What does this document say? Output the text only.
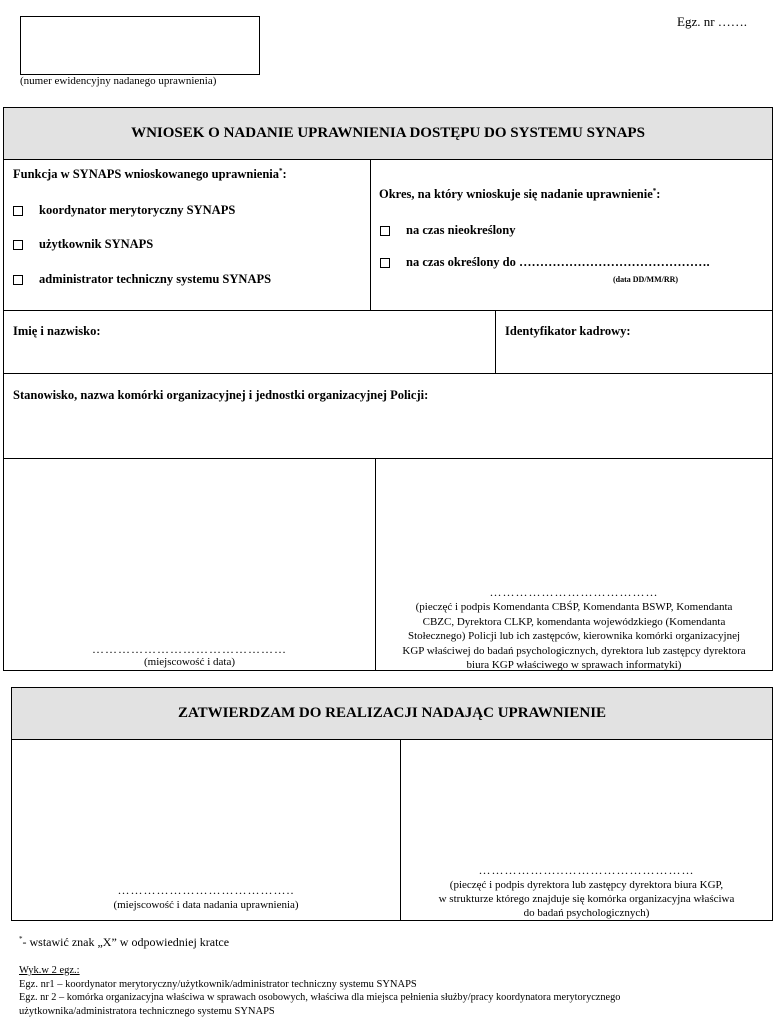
(numer ewidencyjny nadanego uprawnienia)
Egz. nr …….
WNIOSEK O NADANIE UPRAWNIENIA DOSTĘPU DO SYSTEMU SYNAPS
Funkcja w SYNAPS wnioskowanego uprawnienia*:
koordynator merytoryczny SYNAPS
użytkownik SYNAPS
administrator techniczny systemu SYNAPS
Okres, na który wnioskuje się nadanie uprawnienie*:
na czas nieokreślony
na czas określony do ……………………………………….
(data DD/MM/RR)
Imię i nazwisko:	Identyfikator kadrowy:
Stanowisko, nazwa komórki organizacyjnej i jednostki organizacyjnej Policji:
………………………………………
(miejscowość i data)
…………………………………
(pieczęć i podpis Komendanta CBŚP, Komendanta BSWP, Komendanta
CBZC, Dyrektora CLKP, komendanta wojewódzkiego (Komendanta
Stołecznego) Policji lub ich zastępców, kierownika komórki organizacyjnej
KGP właściwej do badań psychologicznych, dyrektora lub zastępcy dyrektora
biura KGP właściwego w sprawach informatyki)
ZATWIERDZAM DO REALIZACJI NADAJĄC UPRAWNIENIE
…………………………………..
(miejscowość i data nadania uprawnienia)
………………..…………………………
(pieczęć i podpis dyrektora lub zastępcy dyrektora biura KGP,
w strukturze którego znajduje się komórka organizacyjna właściwa
do badań psychologicznych)
*- wstawić znak „X” w odpowiedniej kratce
Wyk.w 2 egz.:
Egz. nr1 – koordynator merytoryczny/użytkownik/administrator techniczny systemu SYNAPS
Egz. nr 2 – komórka organizacyjna właściwa w sprawach osobowych, właściwa dla miejsca pełnienia służby/pracy koordynatora merytorycznego
użytkownika/administratora technicznego systemu SYNAPS
